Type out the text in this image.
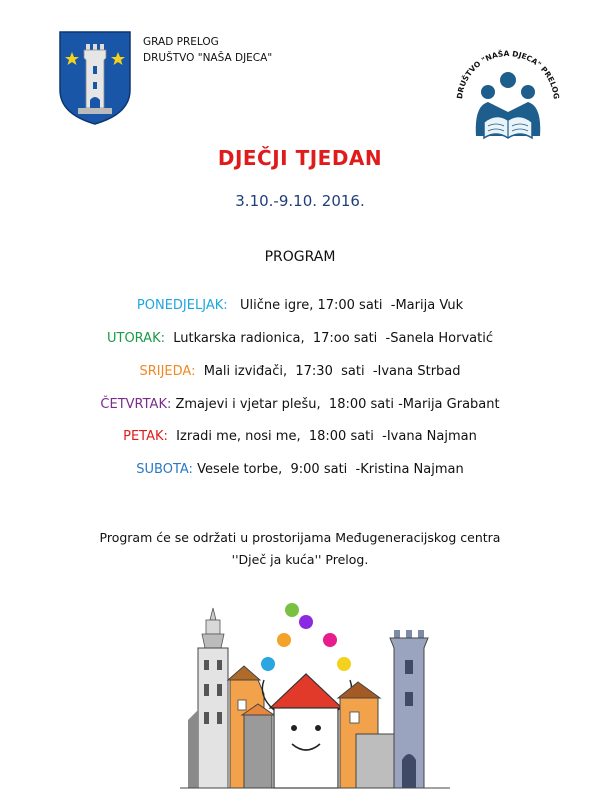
GRAD PRELOG
DRUŠTVO "NAŠA DJECA"
DRUŠTVO "NAŠA DJECA" PRELOG
DJEČJI TJEDAN
3.10.-9.10. 2016.
PROGRAM
PONEDJELJAK:   Ulične igre, 17:00 sati  -Marija Vuk
UTORAK:  Lutkarska radionica,  17:oo sati  -Sanela Horvatić
SRIJEDA:  Mali izviđači,  17:30  sati  -Ivana Strbad
ČETVRTAK: Zmajevi i vjetar plešu,  18:00 sati -Marija Grabant
PETAK:  Izradi me, nosi me,  18:00 sati  -Ivana Najman
SUBOTA: Vesele torbe,  9:00 sati  -Kristina Najman
Program će se održati u prostorijama Međugeneracijskog centra
''Dječ ja kuća'' Prelog.
